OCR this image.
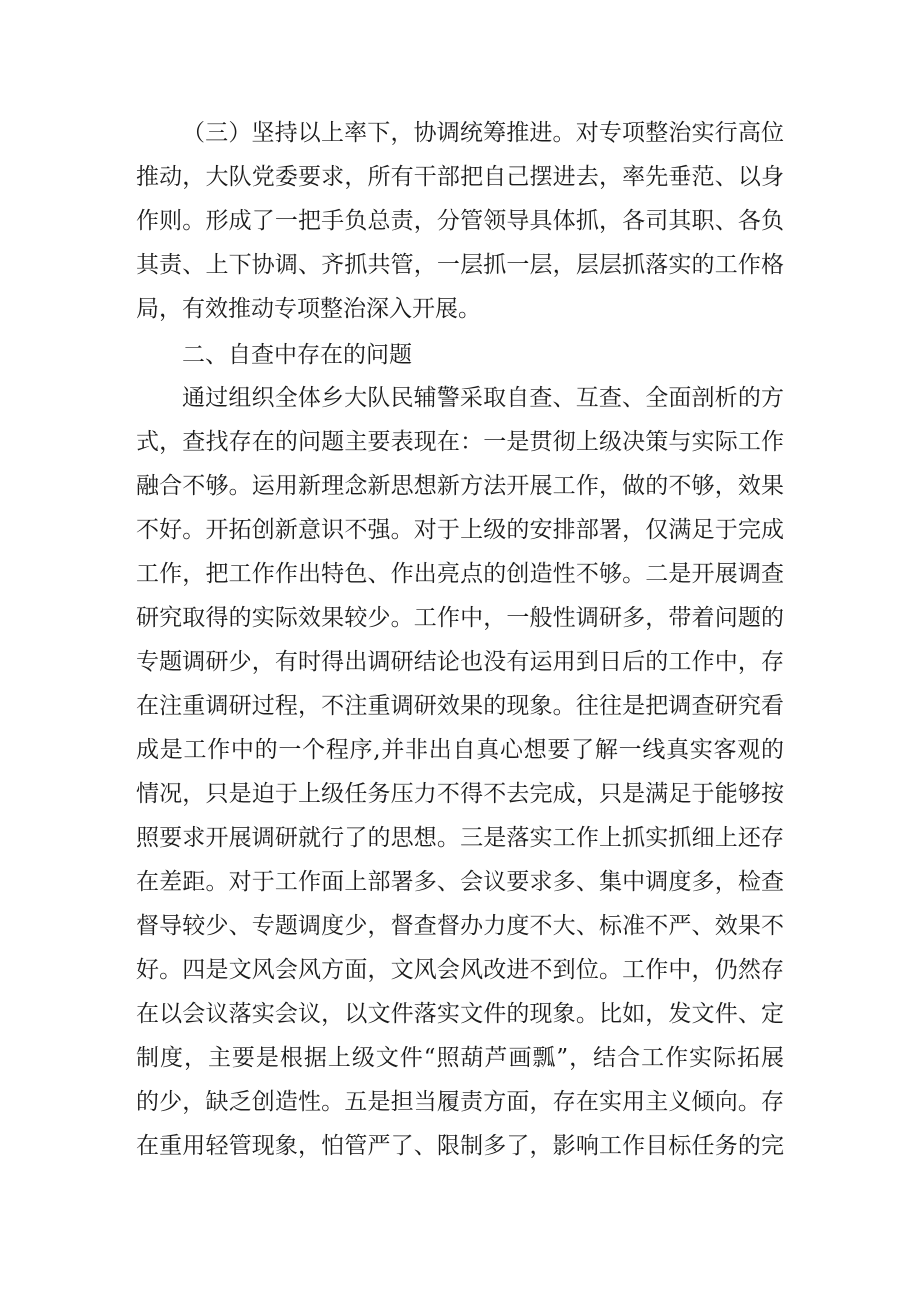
（三）坚持以上率下，协调统筹推进。对专项整治实行高位
推动，大队党委要求，所有干部把自己摆进去，率先垂范、以身
作则。形成了一把手负总责，分管领导具体抓，各司其职、各负
其责、上下协调、齐抓共管，一层抓一层，层层抓落实的工作格
局，有效推动专项整治深入开展。
二、自查中存在的问题
通过组织全体乡大队民辅警采取自查、互查、全面剖析的方
式，查找存在的问题主要表现在：一是贯彻上级决策与实际工作
融合不够。运用新理念新思想新方法开展工作，做的不够，效果
不好。开拓创新意识不强。对于上级的安排部署，仅满足于完成
工作，把工作作出特色、作出亮点的创造性不够。二是开展调查
研究取得的实际效果较少。工作中，一般性调研多，带着问题的
专题调研少，有时得出调研结论也没有运用到日后的工作中，存
在注重调研过程，不注重调研效果的现象。往往是把调查研究看
成是工作中的一个程序,并非出自真心想要了解一线真实客观的
情况，只是迫于上级任务压力不得不去完成，只是满足于能够按
照要求开展调研就行了的思想。三是落实工作上抓实抓细上还存
在差距。对于工作面上部署多、会议要求多、集中调度多，检查
督导较少、专题调度少，督查督办力度不大、标准不严、效果不
好。四是文风会风方面，文风会风改进不到位。工作中，仍然存
在以会议落实会议，以文件落实文件的现象。比如，发文件、定
制度，主要是根据上级文件“照葫芦画瓢”，结合工作实际拓展
的少，缺乏创造性。五是担当履责方面，存在实用主义倾向。存
在重用轻管现象，怕管严了、限制多了，影响工作目标任务的完
